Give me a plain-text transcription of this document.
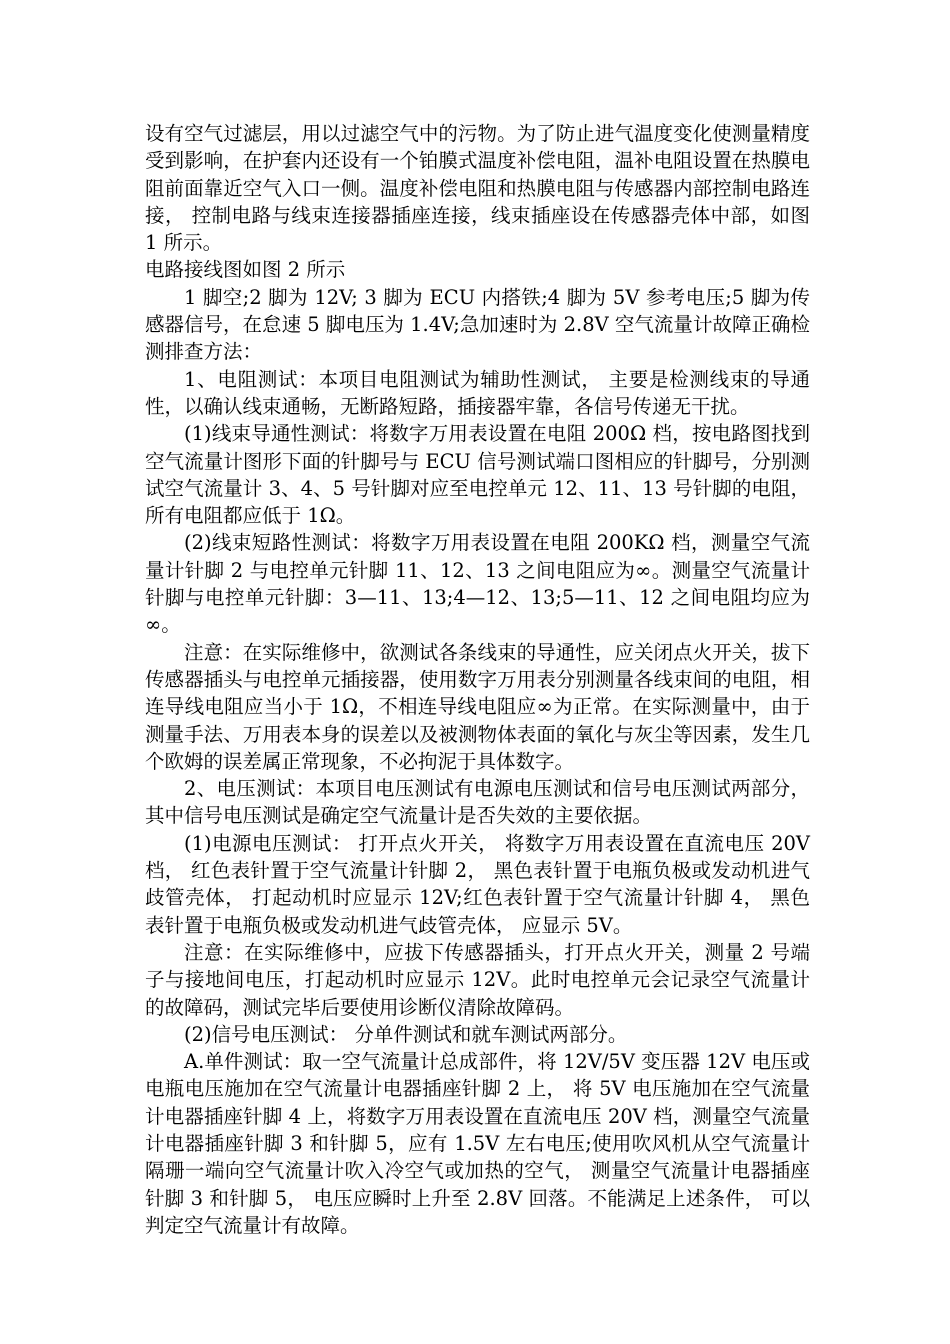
设有空气过滤层，用以过滤空气中的污物。为了防止进气温度变化使测量精度受到影响，在护套内还设有一个铂膜式温度补偿电阻，温补电阻设置在热膜电阻前面靠近空气入口一侧。温度补偿电阻和热膜电阻与传感器内部控制电路连接， 控制电路与线束连接器插座连接，线束插座设在传感器壳体中部，如图 1 所示。

电路接线图如图 2 所示

1 脚空;2 脚为 12V; 3 脚为 ECU 内搭铁;4 脚为 5V 参考电压;5 脚为传感器信号，在怠速 5 脚电压为 1.4V;急加速时为 2.8V 空气流量计故障正确检测排查方法：

1、电阻测试：本项目电阻测试为辅助性测试， 主要是检测线束的导通性，以确认线束通畅，无断路短路，插接器牢靠，各信号传递无干扰。

(1)线束导通性测试：将数字万用表设置在电阻 200Ω 档，按电路图找到空气流量计图形下面的针脚号与 ECU 信号测试端口图相应的针脚号，分别测试空气流量计 3、4、5 号针脚对应至电控单元 12、11、13 号针脚的电阻， 所有电阻都应低于 1Ω。

(2)线束短路性测试：将数字万用表设置在电阻 200KΩ 档，测量空气流量计针脚 2 与电控单元针脚 11、12、13 之间电阻应为∞。测量空气流量计针脚与电控单元针脚：3—11、13;4—12、13;5—11、12 之间电阻均应为∞。

注意：在实际维修中，欲测试各条线束的导通性，应关闭点火开关，拔下传感器插头与电控单元插接器，使用数字万用表分别测量各线束间的电阻，相连导线电阻应当小于 1Ω，不相连导线电阻应∞为正常。在实际测量中，由于测量手法、万用表本身的误差以及被测物体表面的氧化与灰尘等因素，发生几个欧姆的误差属正常现象，不必拘泥于具体数字。

2、电压测试：本项目电压测试有电源电压测试和信号电压测试两部分，其中信号电压测试是确定空气流量计是否失效的主要依据。

(1)电源电压测试： 打开点火开关， 将数字万用表设置在直流电压 20V 档， 红色表针置于空气流量计针脚 2， 黑色表针置于电瓶负极或发动机进气歧管壳体， 打起动机时应显示 12V;红色表针置于空气流量计针脚 4， 黑色表针置于电瓶负极或发动机进气歧管壳体， 应显示 5V。

注意：在实际维修中，应拔下传感器插头，打开点火开关，测量 2 号端子与接地间电压，打起动机时应显示 12V。此时电控单元会记录空气流量计的故障码，测试完毕后要使用诊断仪清除故障码。

(2)信号电压测试： 分单件测试和就车测试两部分。

A.单件测试：取一空气流量计总成部件，将 12V/5V 变压器 12V 电压或电瓶电压施加在空气流量计电器插座针脚 2 上， 将 5V 电压施加在空气流量计电器插座针脚 4 上，将数字万用表设置在直流电压 20V 档，测量空气流量计电器插座针脚 3 和针脚 5，应有 1.5V 左右电压;使用吹风机从空气流量计隔珊一端向空气流量计吹入冷空气或加热的空气， 测量空气流量计电器插座针脚 3 和针脚 5， 电压应瞬时上升至 2.8V 回落。不能满足上述条件， 可以判定空气流量计有故障。
